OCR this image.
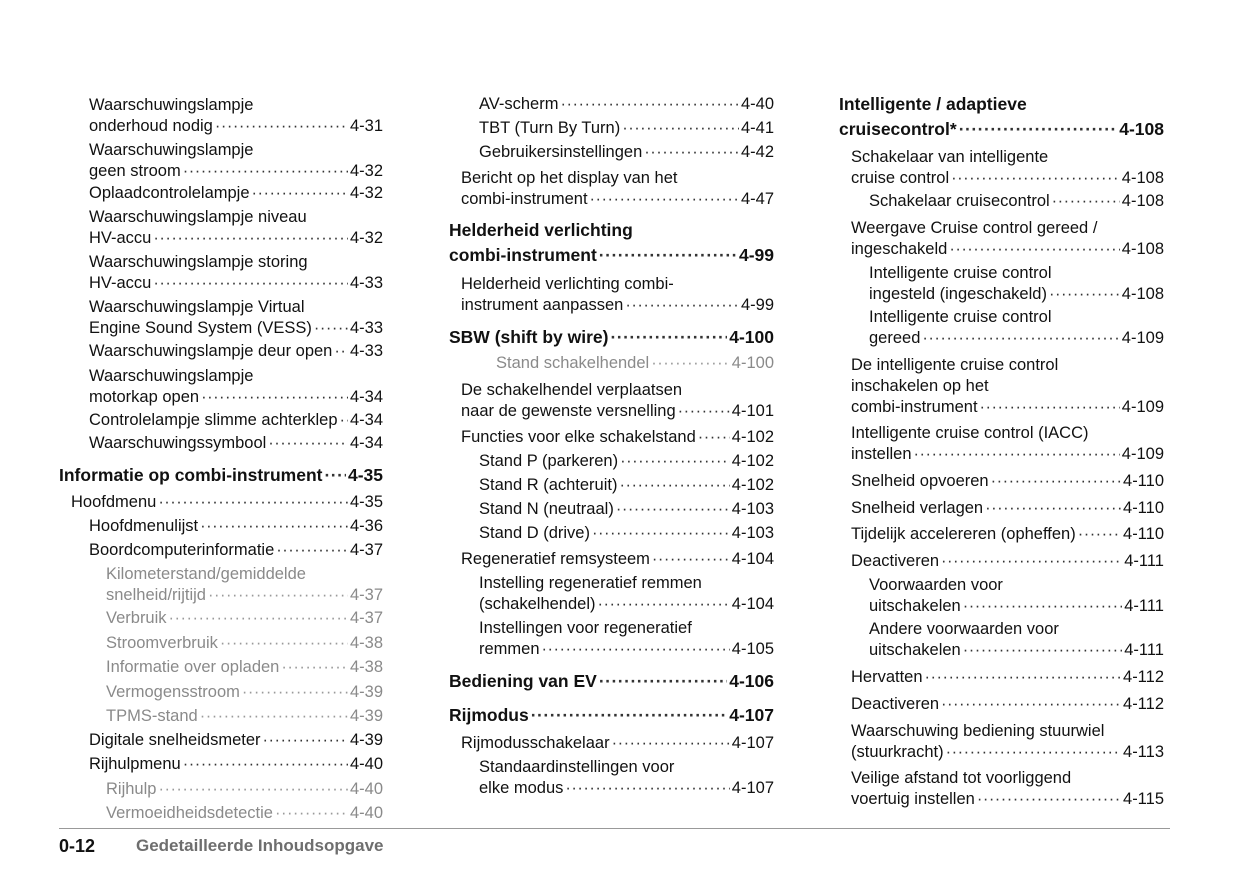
Waarschuwingslampje
onderhoud nodig ·····	4-31
Waarschuwingslampje
geen stroom ·····	4-32
Oplaadcontrolelampje ·····	4-32
Waarschuwingslampje niveau
HV-accu ·····	4-32
Waarschuwingslampje storing
HV-accu ·····	4-33
Waarschuwingslampje Virtual
Engine Sound System (VESS) ····· 4-33
Waarschuwingslampje deur open ····· 4-33
Waarschuwingslampje
motorkap open ·····	4-34
Controlelampje slimme achterklep ····· 4-34
Waarschuwingssymbool ·····	4-34
Informatie op combi-instrument ····· 4-35
Hoofdmenu ·····	4-35
Hoofdmenulijst ·····	4-36
Boordcomputerinformatie ·····	4-37
Kilometerstand/gemiddelde
snelheid/rijtijd ·····	4-37
Verbruik ·····	4-37
Stroomverbruik ·····	4-38
Informatie over opladen ·····	4-38
Vermogensstroom ·····	4-39
TPMS-stand ·····	4-39
Digitale snelheidsmeter ·····	4-39
Rijhulpmenu ·····	4-40
Rijhulp ·····	4-40
Vermoeidheidsdetectie ·····	4-40
AV-scherm ·····	4-40
TBT (Turn By Turn) ·····	4-41
Gebruikersinstellingen ·····	4-42
Bericht op het display van het
combi-instrument ·····	4-47
Helderheid verlichting
combi-instrument ·····	4-99
Helderheid verlichting combi-
instrument aanpassen ·····	4-99
SBW (shift by wire) ·····	4-100
Stand schakelhendel ·····	4-100
De schakelhendel verplaatsen
naar de gewenste versnelling ·····	4-101
Functies voor elke schakelstand ····· 4-102
Stand P (parkeren) ·····	4-102
Stand R (achteruit) ·····	4-102
Stand N (neutraal) ·····	4-103
Stand D (drive) ·····	4-103
Regeneratief remsysteem ·····	4-104
Instelling regeneratief remmen
(schakelhendel) ·····	4-104
Instellingen voor regeneratief
remmen ·····	4-105
Bediening van EV ·····	4-106
Rijmodus ·····	4-107
Rijmodusschakelaar ·····	4-107
Standaardinstellingen voor
elke modus ·····	4-107
Intelligente / adaptieve
cruisecontrol* ·····	4-108
Schakelaar van intelligente
cruise control ·····	4-108
Schakelaar cruisecontrol ·····	4-108
Weergave Cruise control gereed /
ingeschakeld ·····	4-108
Intelligente cruise control
ingesteld (ingeschakeld) ·····	4-108
Intelligente cruise control
gereed ·····	4-109
De intelligente cruise control
inschakelen op het
combi-instrument ·····	4-109
Intelligente cruise control (IACC)
instellen ·····	4-109
Snelheid opvoeren ·····	4-110
Snelheid verlagen ·····	4-110
Tijdelijk accelereren (opheffen) ·····	4-110
Deactiveren ·····	4-111
Voorwaarden voor
uitschakelen ·····	4-111
Andere voorwaarden voor
uitschakelen ·····	4-111
Hervatten ·····	4-112
Deactiveren ·····	4-112
Waarschuwing bediening stuurwiel
(stuurkracht) ·····	4-113
Veilige afstand tot voorliggend
voertuig instellen ·····	4-115
0-12 Gedetailleerde Inhoudsopgave
